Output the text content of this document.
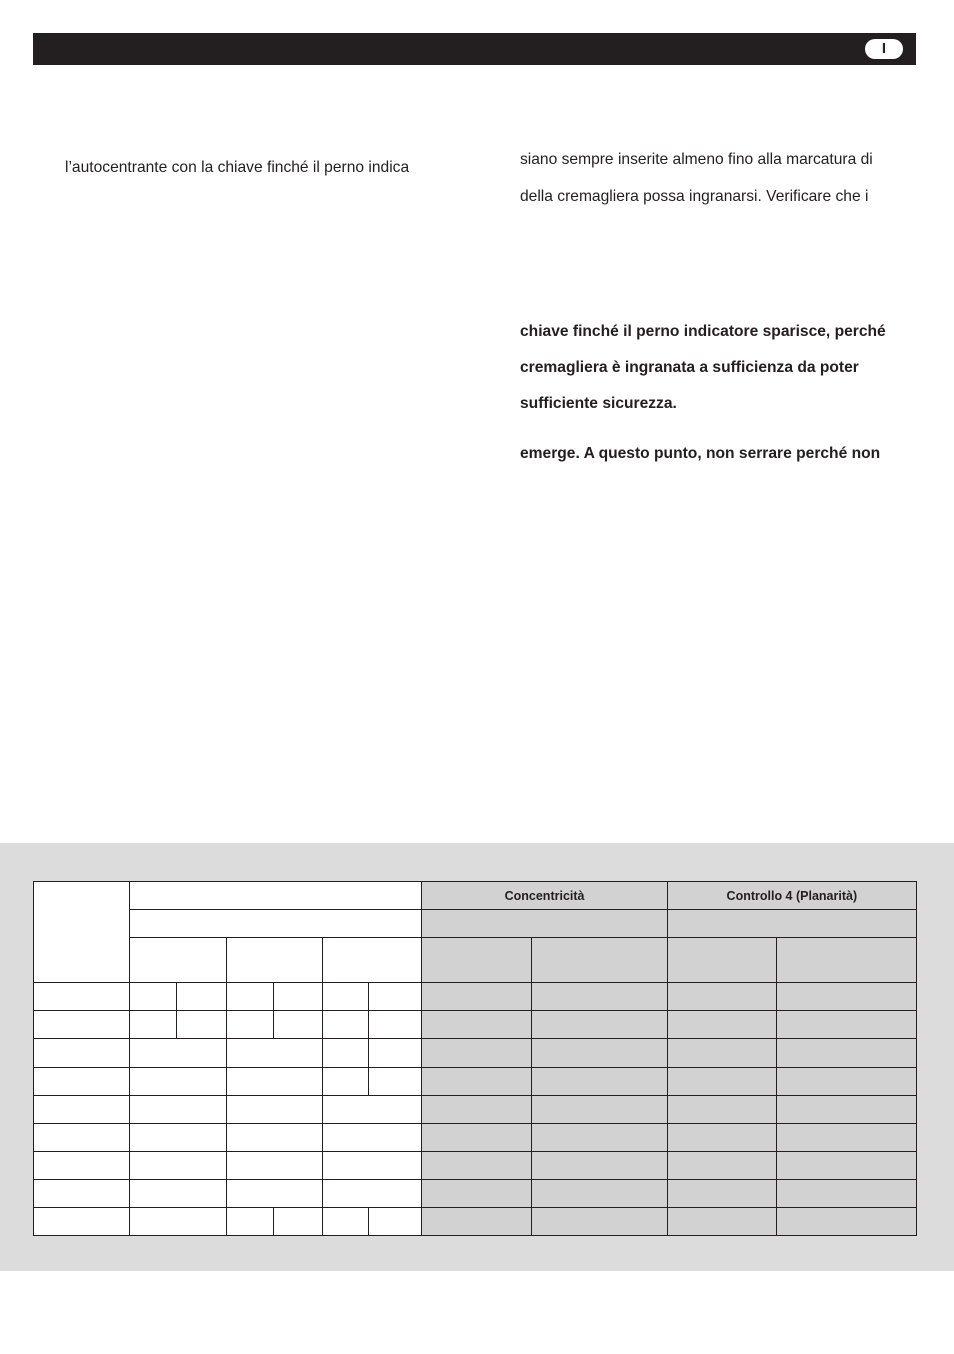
I
l’autocentrante con la chiave finché il perno indica	siano sempre inserite almeno fino alla marcatura di
della cremagliera possa ingranarsi. Verificare che i
chiave finché il perno indicatore sparisce, perché
cremagliera è ingranata a sufficienza da poter
sufficiente sicurezza.
emerge. A questo punto, non serrare perché non
							Concentricità		Controllo 4 (Planarità)	
